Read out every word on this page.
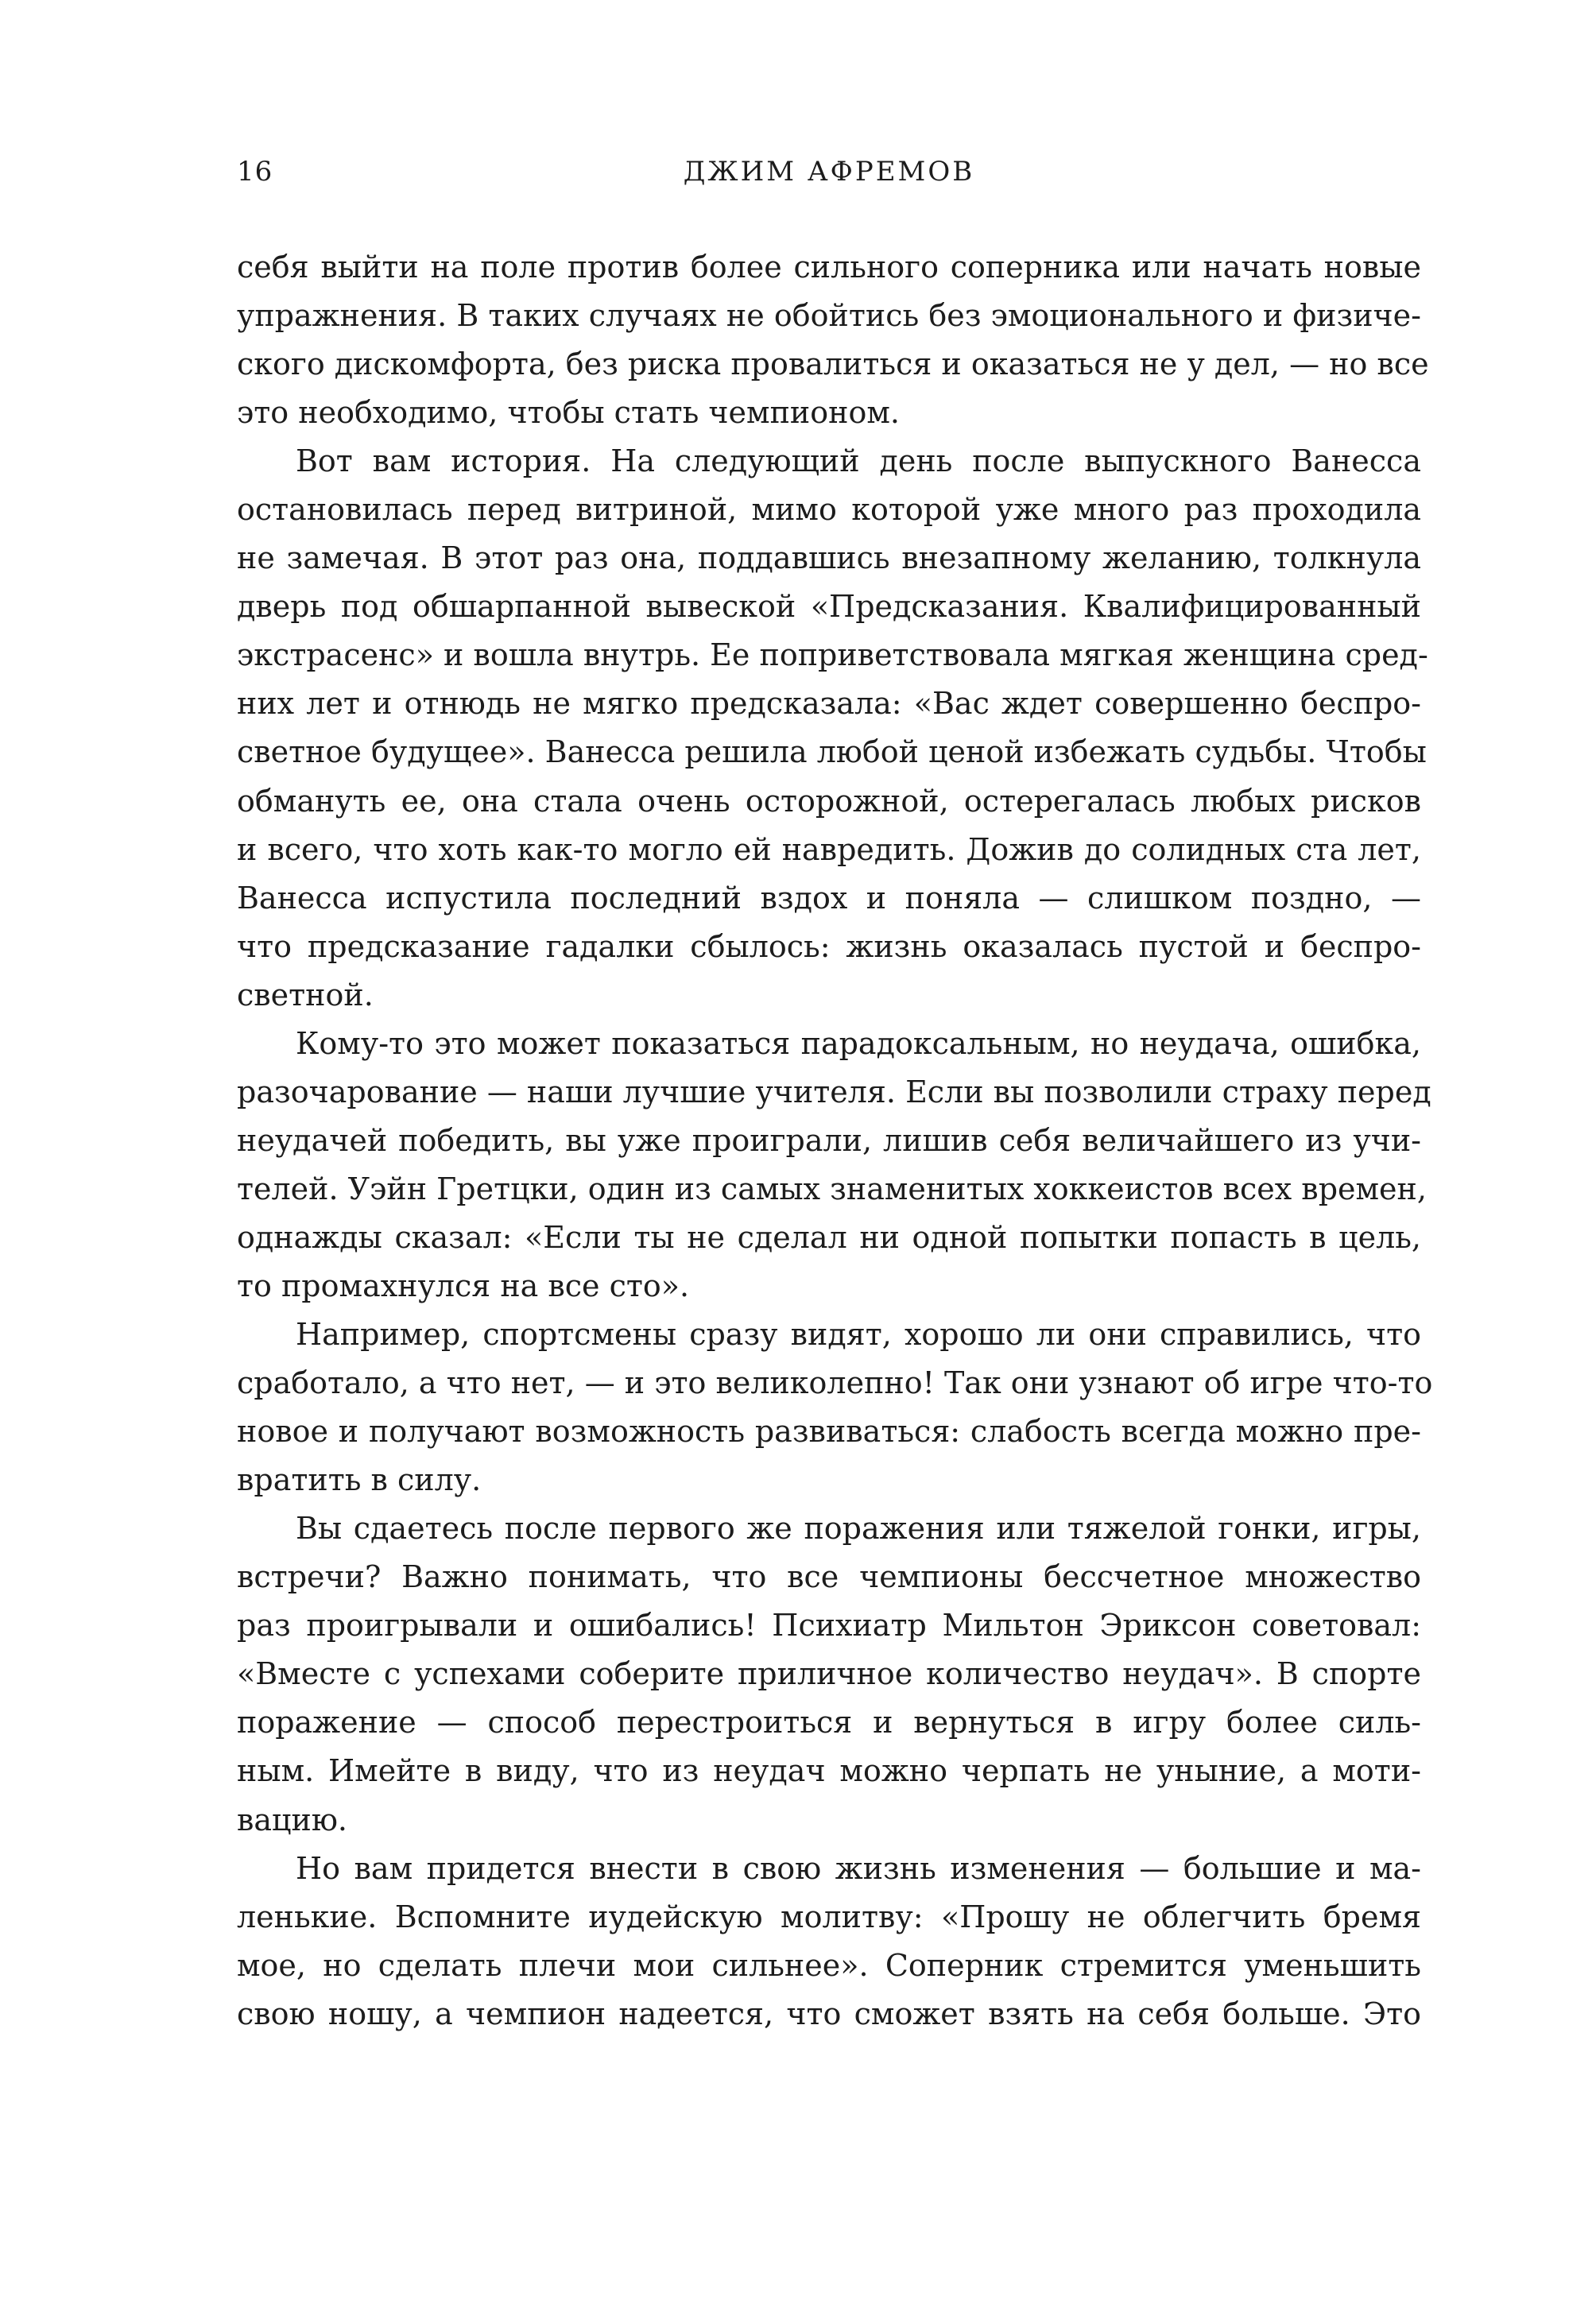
16	ДЖИМ АФРЕМОВ
себя выйти на поле против более сильного соперника или начать новые
упражнения. В таких случаях не обойтись без эмоционального и физиче-
ского дискомфорта, без риска провалиться и оказаться не у дел, — но все
это необходимо, чтобы стать чемпионом.
Вот вам история. На следующий день после выпускного Ванесса
остановилась перед витриной, мимо которой уже много раз проходила
не замечая. В этот раз она, поддавшись внезапному желанию, толкнула
дверь под обшарпанной вывеской «Предсказания. Квалифицированный
экстрасенс» и вошла внутрь. Ее поприветствовала мягкая женщина сред-
них лет и отнюдь не мягко предсказала: «Вас ждет совершенно беспро-
светное будущее». Ванесса решила любой ценой избежать судьбы. Чтобы
обмануть ее, она стала очень осторожной, остерегалась любых рисков
и всего, что хоть как-то могло ей навредить. Дожив до солидных ста лет,
Ванесса испустила последний вздох и поняла — слишком поздно, —
что предсказание гадалки сбылось: жизнь оказалась пустой и беспро-
светной.
Кому-то это может показаться парадоксальным, но неудача, ошибка,
разочарование — наши лучшие учителя. Если вы позволили страху перед
неудачей победить, вы уже проиграли, лишив себя величайшего из учи-
телей. Уэйн Гретцки, один из самых знаменитых хоккеистов всех времен,
однажды сказал: «Если ты не сделал ни одной попытки попасть в цель,
то промахнулся на все сто».
Например, спортсмены сразу видят, хорошо ли они справились, что
сработало, а что нет, — и это великолепно! Так они узнают об игре что-то
новое и получают возможность развиваться: слабость всегда можно пре-
вратить в силу.
Вы сдаетесь после первого же поражения или тяжелой гонки, игры,
встречи? Важно понимать, что все чемпионы бессчетное множество
раз проигрывали и ошибались! Психиатр Мильтон Эриксон советовал:
«Вместе с успехами соберите приличное количество неудач». В спорте
поражение — способ перестроиться и вернуться в игру более силь-
ным. Имейте в виду, что из неудач можно черпать не уныние, а моти-
вацию.
Но вам придется внести в свою жизнь изменения — большие и ма-
ленькие. Вспомните иудейскую молитву: «Прошу не облегчить бремя
мое, но сделать плечи мои сильнее». Соперник стремится уменьшить
свою ношу, а чемпион надеется, что сможет взять на себя больше. Это
